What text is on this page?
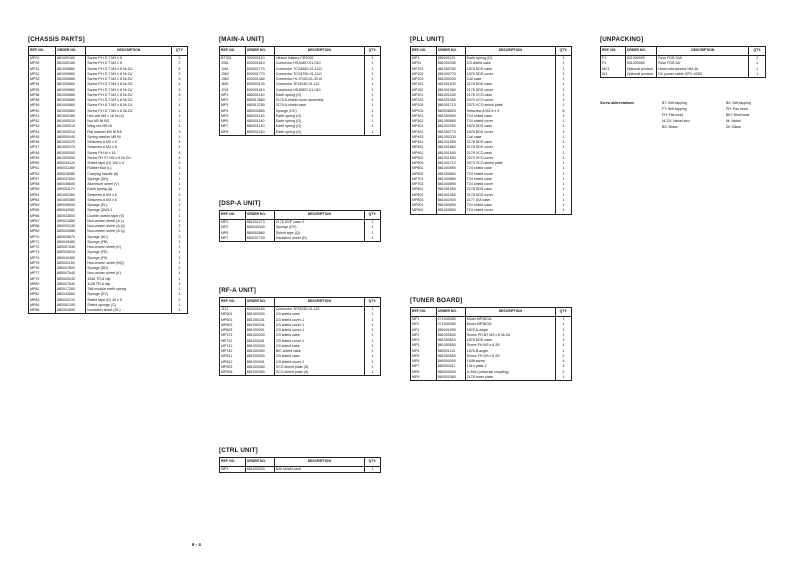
[CHASSIS PARTS]
REF. NO.	ORDER NO.	DESCRIPTION	QTY.
MP29	881000160	Screw P.H.S.T M3 x 6	2
MP30	881000160	Screw P.H.S.T M3 x 6	2
MP31	881000660	Screw P.H.S.T M3 x 8 Ni-ZU	4
MP32	881000660	Screw P.H.S.T M3 x 8 Ni-ZU	2
MP33	881000660	Screw P.H.S.T M3 x 8 Ni-ZU	5
MP34	881000660	Screw P.H.S.T M3 x 8 Ni-ZU	4
MP35	881000660	Screw P.H.S.T M3 x 8 Ni-ZU	4
MP36	881000660	Screw P.H.S.T M3 x 8 Ni-ZU	8
MP38	881000660	Screw P.H.S.T M3 x 8 Ni-ZU	7
MP39	881000660	Screw P.H.S.T M3 x 8 Ni-ZU	4
MP40	881000660	Screw P.H.S.T M3 x 8 Ni-ZU	1
MP41	881000160	Hex volt M5 x 18 Ni (4)	1
MP42	881000010	Nut M5 Ni BS	1
MP43	881000010	Wing nut M5 Ni	1
MP44	881000010	Flat washer M5 Ni BS	3
MP45	880000040	Spring washer M5 Ni	1
MP46	881000370	Setscrew A M3 x 8	4
MP47	881000370	Setscrew A M3 x 8	4
MP48	881000300	Screw P.H.M x 16	4
MP49	881000550	Screw FH ST M3 x 6 Ni-ZU	4
MP50	880043120	Shield tape (H) 100 x 9	2
MP51	850031260	Rubber foot (L)	2
MP53	880018080	Carrying handle (A)	1
MP57	880037600	Sponge (DD)	1
MP58	880036600	Aluminum sheet (V)	1
MP59	880001170	Earth spring (A)	1
MP61	881000360	Setscrew A M3 x 6	2
MP62	881000360	Setscrew A M3 x 6	2
MP63	880045000	Sponge (EL)	1
MP65	880043081	Sponge (DW)-1	1
MP66	880043600	Double coated tape (S)	1
MP67	880021680	Non-woven sheet (A.L)	1
MP68	880003130	Non-woven sheet (A.Q)	2
MP69	880020080	Non-woven sheet (A.Q)	1
MP70	880009670	Sponge (AC)	2
MP71	880043480	Sponge (FB)	1
MP72	880007640	Non-woven sheet (K)	1
MP73	880043610	Sponge (FE)	1
MP74	880043460	Sponge (F9)	1
MP75	880041160	Non-woven sheet (BQ)	1
MP76	880037600	Sponge (DD)	2
MP77	880007640	Non-woven sheet (K)	4
MP79	880053240	1546 TR-8 clip	1
MP80	880027640	1126 TR-6 clip	1
MP81	880017260	798 module earth spring	1
MP82	880043060	Sponge (DY)	1
MP83	880042210	Shield tape (D) 30 x 9	2
MP84	880052150	Shield sponge (C)	1
MP86	880054590	Insulation sheet (GL)	1
[MAIN-A UNIT]
REF. NO.	ORDER NO.	DESCRIPTION	QTY.
BT301	300000110	Lithium battery CR2032	1

J351	600001610	Connector HSJ0807-01-010	1
J361	600001770	Connector TCS4540-01-1111	1
J362	600001770	Connector TCS4790-01-1111	1
J364	600001460	Connector HLJ7030-01-3010	1
J691	600000130	Connector JPJ3040-01-110	1
J701	600001610	Connector HSJ0807-01-010	1

MP1	880001140	Earth spring (G)	1
MP2	880013860	2179 A-shield cover assembly	1
MP3	880013780	2179 A-shield case	1
MP4	880043660	Sponge (DC)	1
MP5	880001140	Earth spring (G)	1
MP6	880001140	Earth spring (G)	1
MP7	880001140	Earth spring (G)	1
MP8	880001140	Earth spring (G)	1
[DSP-A UNIT]
REF. NO.	ORDER NO.	DESCRIPTION	QTY.
MP1	881001273	2176 DSP case-3	1
MP2	880043440	Sponge (DY)	1
MP5	880053560	Shield tape (Q)	1
MP7	880037700	Insulation sheet (E)	1
[RF-A UNIT]
REF. NO.	ORDER NO.	DESCRIPTION	QTY.
J111	600000160	Connector JPJ2040-01-110	1

MP501	881000330	2/3 shield case	1
MP601	881000341	2/3 shield cover-1	1
MP602	881000341	2/3 shield cover-1	1
MP603	881000331	2/3 shield cover-1	1
MP721	881000330	2/3 shield case	1
MP722	881000341	2/3 shield cover-1	1
MP741	881000330	2/3 shield case	1
MP742	881000350	BIC shield case	1
MP811	881000330	2/3 shield case	1
MP812	881000341	2/3 shield cover-1	1
MP903	881000380	VCO shield plate (A)	1
MP906	881000380	VCO shield plate (A)	1
[CTRL UNIT]
REF. NO.	ORDER NO.	DESCRIPTION	QTY.
MP1	881000320	MIX shield case	1
[PLL UNIT]
REF. NO.	ORDER NO.	DESCRIPTION	QTY.
MP1	880001110	Earth spring (D)	1
MP51	881000330	2/3 shield case	1
MP101	881000760	1876 DDS case	1
MP102	881000770	1876 DDS cover	1
MP103	881000330	Coil case	1
MP151	881001530	2178 DDS case	1
MP152	881001560	2178 DDS cover	1
MP201	881001540	2178 VCO case	1
MP203	881001550	2070 VCO cover	1
MP205	881001710	2070 VCO shield plate	1
MP204	880006600	Setscrew A M2.6 x 5	8
MP301	881000890	T24 shield case	1
MP302	881000890	T24 shield cover	1
MP401	881000760	1876 DDS case	1
MP402	881000770	1876 DDS cover	1
MP403	881000330	Coil case	1
MP451	881001550	2178 DDS case	1
MP452	881001560	2178 DDS cover	1
MP501	881001540	2178 VCO case	1
MP502	881001550	2070 VCO cover	1
MP503	881001710	2070 VCO shield plate	1
MP601	881000890	T24 shield case	1
MP602	881000890	T24 shield cover	1
MP701	881000890	T24 shield case	1
MP702	881000890	T24 shield cover	1
MP801	881001550	2178 DDS case	1
MP802	881001560	2178 DDS cover	1
MP803	881002400	2177 D/A case	1
MP901	881000890	T24 shield case	1
MP902	881000890	T24 shield cover	1
[TUNER BOARD]
REF. NO.	ORDER NO.	DESCRIPTION	QTY.
MF1	271000060	Motor MP36GA	1
MF2	271000060	Motor MP36GA	1

MP1	880001090	1876 A-angle	1
MP2	881000600	Screw PH BT M3 x 8 Ni-ZU	1
MP3	881000610	1876 DDS case	1
MP3	881000650	Screw FH M3 x 6 ZK	4
MP4	880001110	1876 B-angle	1
MP5	881000650	Screw FH M3 x 6 ZK	2
MP6	880000000	1548 screw	4
MP7	880000011	1414 plate-1	2
MP8	880000000	U-846 (universal coupling)	2
MP9	880001560	2178 tuner plate	1
[UNPACKING]
REF. NO.	ORDER NO.	DESCRIPTION	QTY.
F1	631000090	Fuse FGB 30A	2
F2	631000080	Fuse FGB 5A	1

MC1	Optional product	Hand microphone HM-36	1

W1	Optional product	DC power cable OPC-025D	1
Screw abbreviations	BT: Self-tapping
FT: Self-tapping
FH: Flat head
Ni-ZU: Nickel-zinc
BS: Brass
B0: Self-tapping
PH: Pan head
BiH: Bind head
Ni: Nickel
ZK: Black
6 - 4
